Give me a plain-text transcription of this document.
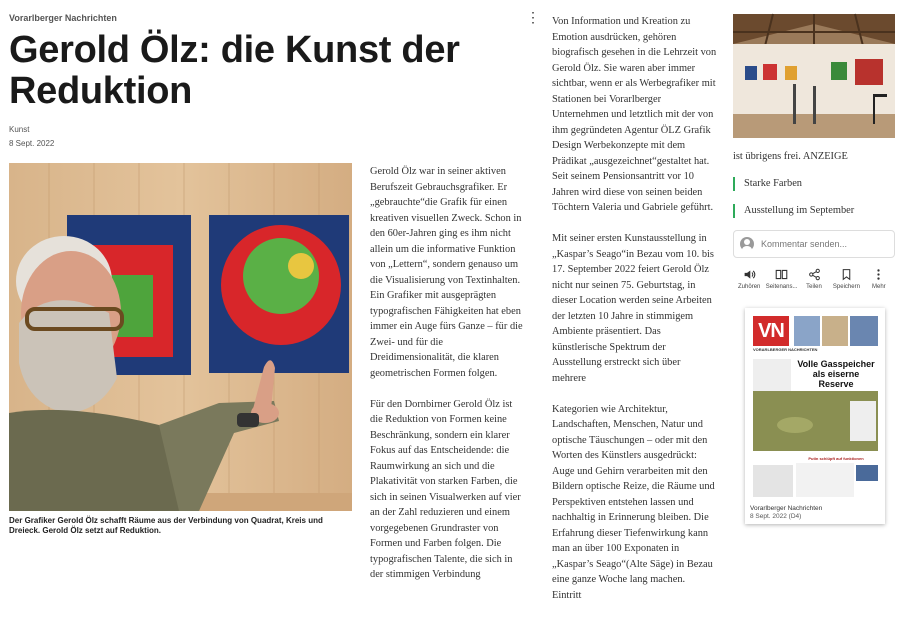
Vorarlberger Nachrichten	⋮
Gerold Ölz: die Kunst der Reduktion
Kunst
8 Sept. 2022
Der Grafiker Gerold Ölz schafft Räume aus der Verbindung von Quadrat, Kreis und Dreieck. Gerold Ölz setzt auf Reduktion.

Gerold Ölz war in seiner aktiven Berufszeit Gebrauchsgrafiker. Er „gebrauchte“die Grafik für einen kreativen visuellen Zweck. Schon in den 60er-Jahren ging es ihm nicht allein um die informative Funktion von „Lettern“, sondern genauso um die Visualisierung von Textinhalten. Ein Grafiker mit ausgeprägten typografischen Fähigkeiten hat eben immer ein Auge fürs Ganze – für die Zwei- und für die Dreidimensionalität, die klaren geometrischen Formen folgen.

Für den Dornbirner Gerold Ölz ist die Reduktion von Formen keine Beschränkung, sondern ein klarer Fokus auf das Entscheidende: die Raumwirkung an sich und die Plakativität von starken Farben, die sich in seinen Visualwerken auf vier an der Zahl reduzieren und einem vorgegebenen Grundraster von Formen und Farben folgen. Die typografischen Talente, die sich in der stimmigen Verbindung

Von Information und Kreation zu Emotion ausdrücken, gehören biografisch gesehen in die Lehrzeit von Gerold Ölz. Sie waren aber immer sichtbar, wenn er als Werbegrafiker mit Stationen bei Vorarlberger Unternehmen und letztlich mit der von ihm gegründeten Agentur ÖLZ Grafik Design Werbekonzepte mit dem Prädikat „ausgezeichnet“gestaltet hat. Seit seinem Pensionsantritt vor 10 Jahren wird diese von seinen beiden Töchtern Valeria und Gabriele geführt.

Mit seiner ersten Kunstausstellung in „Kaspar’s Seago“in Bezau vom 10. bis 17. September 2022 feiert Gerold Ölz nicht nur seinen 75. Geburtstag, in dieser Location werden seine Arbeiten der letzten 10 Jahre in stimmigem Ambiente präsentiert. Das künstlerische Spektrum der Ausstellung erstreckt sich über mehrere

Kategorien wie Architektur, Landschaften, Menschen, Natur und optische Täuschungen – oder mit den Worten des Künstlers ausgedrückt: Auge und Gehirn verarbeiten mit den Bildern optische Reize, die Räume und Perspektiven entstehen lassen und nachhaltig in Erinnerung bleiben. Die Erfahrung dieser Tiefenwirkung kann man an über 100 Exponaten in „Kaspar’s Seago“(Alte Säge) in Bezau eine ganze Woche lang machen. Eintritt

ist übrigens frei. ANZEIGE
Starke Farben
Ausstellung im September
Kommentar senden...
Zuhören Seitenans... Teilen Speichern Mehr
VN
VORARLBERGER NACHRICHTEN
Volle Gasspeicher als eiserne Reserve
Putin schlüpft auf funktionen
Vorarlberger Nachrichten
8 Sept. 2022 (D4)
